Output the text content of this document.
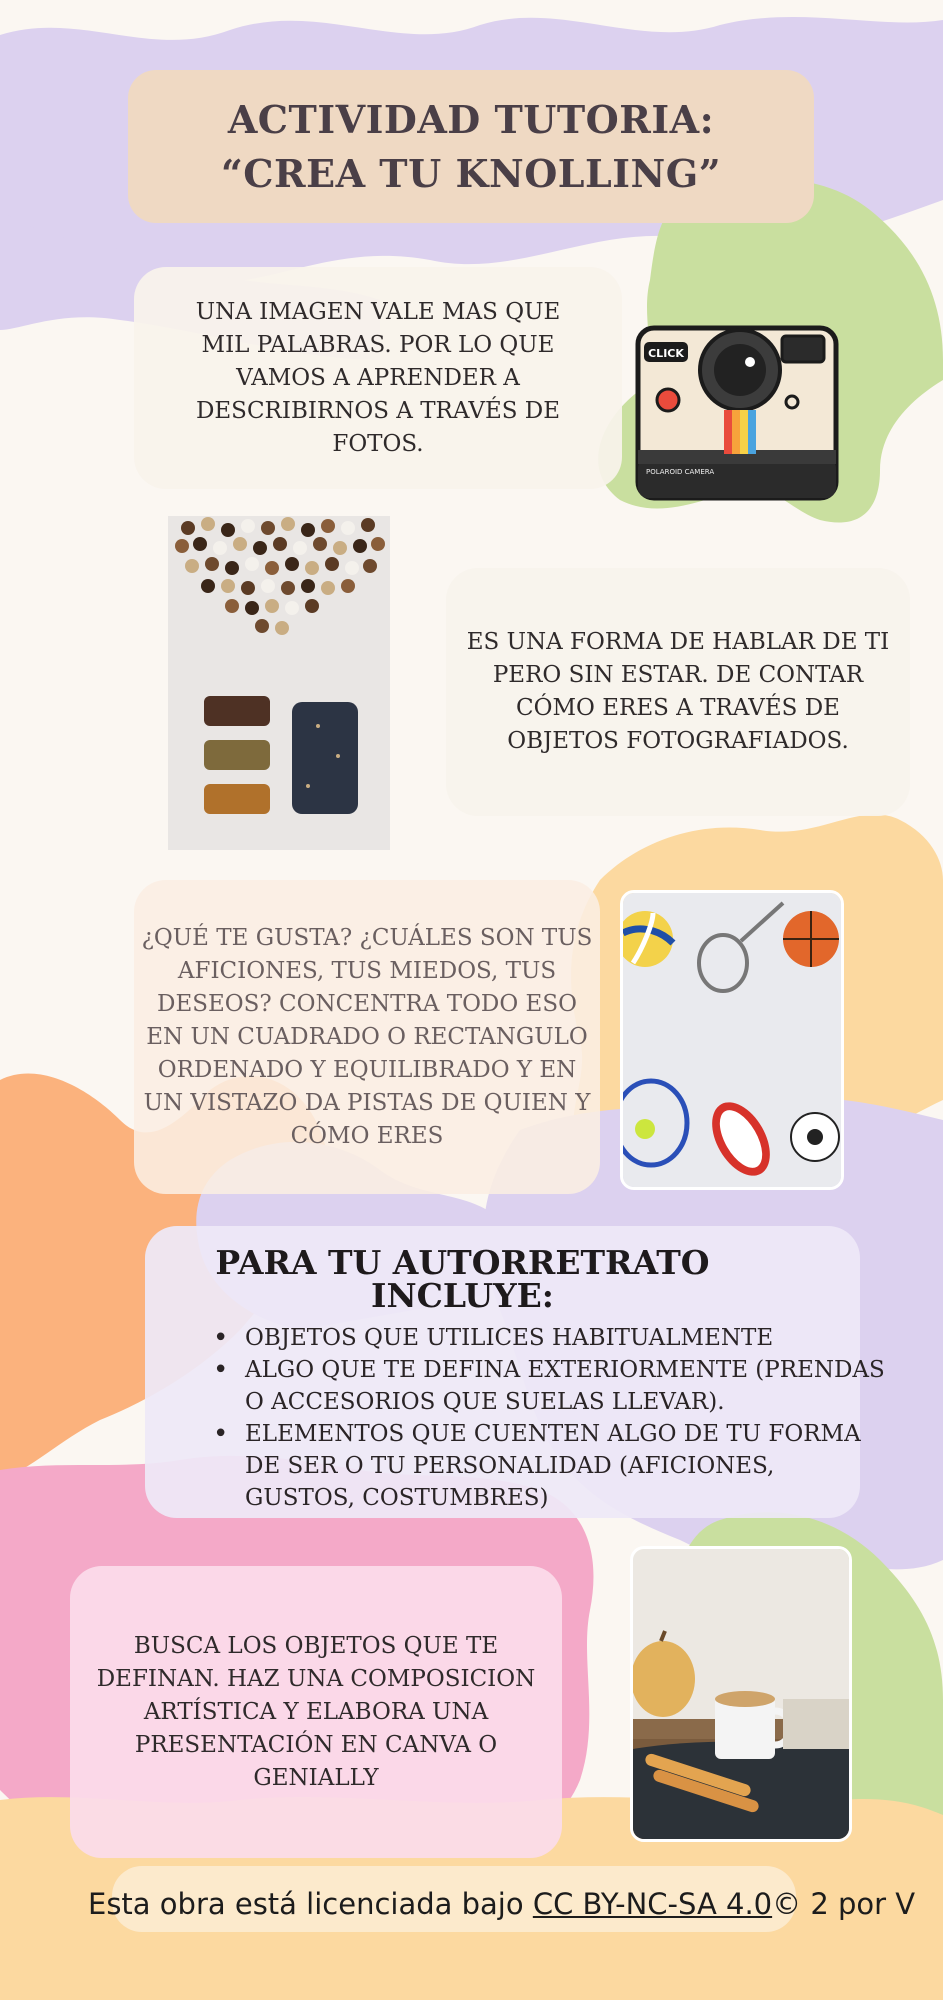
ACTIVIDAD TUTORIA:
“CREA TU KNOLLING”
UNA IMAGEN VALE MAS QUE MIL PALABRAS. POR LO QUE VAMOS A APRENDER A DESCRIBIRNOS A TRAVÉS DE FOTOS.
CLICK
POLAROID CAMERA
ES UNA FORMA DE HABLAR DE TI PERO SIN ESTAR. DE CONTAR CÓMO ERES A TRAVÉS DE OBJETOS FOTOGRAFIADOS.
¿QUÉ TE GUSTA? ¿CUÁLES SON TUS AFICIONES, TUS MIEDOS, TUS DESEOS? CONCENTRA TODO ESO EN UN CUADRADO O RECTANGULO ORDENADO Y EQUILIBRADO Y EN UN VISTAZO DA PISTAS DE QUIEN Y CÓMO ERES
PARA TU AUTORRETRATO
INCLUYE:
• OBJETOS QUE UTILICES HABITUALMENTE
• ALGO QUE TE DEFINA EXTERIORMENTE (PRENDAS O ACCESORIOS QUE SUELAS LLEVAR).
• ELEMENTOS QUE CUENTEN ALGO DE TU FORMA DE SER O TU PERSONALIDAD (AFICIONES, GUSTOS, COSTUMBRES)
BUSCA LOS OBJETOS QUE TE DEFINAN. HAZ UNA COMPOSICION ARTÍSTICA Y ELABORA UNA PRESENTACIÓN EN CANVA O GENIALLY
Esta obra está licenciada bajo CC BY-NC-SA 4.0© 2 por V
